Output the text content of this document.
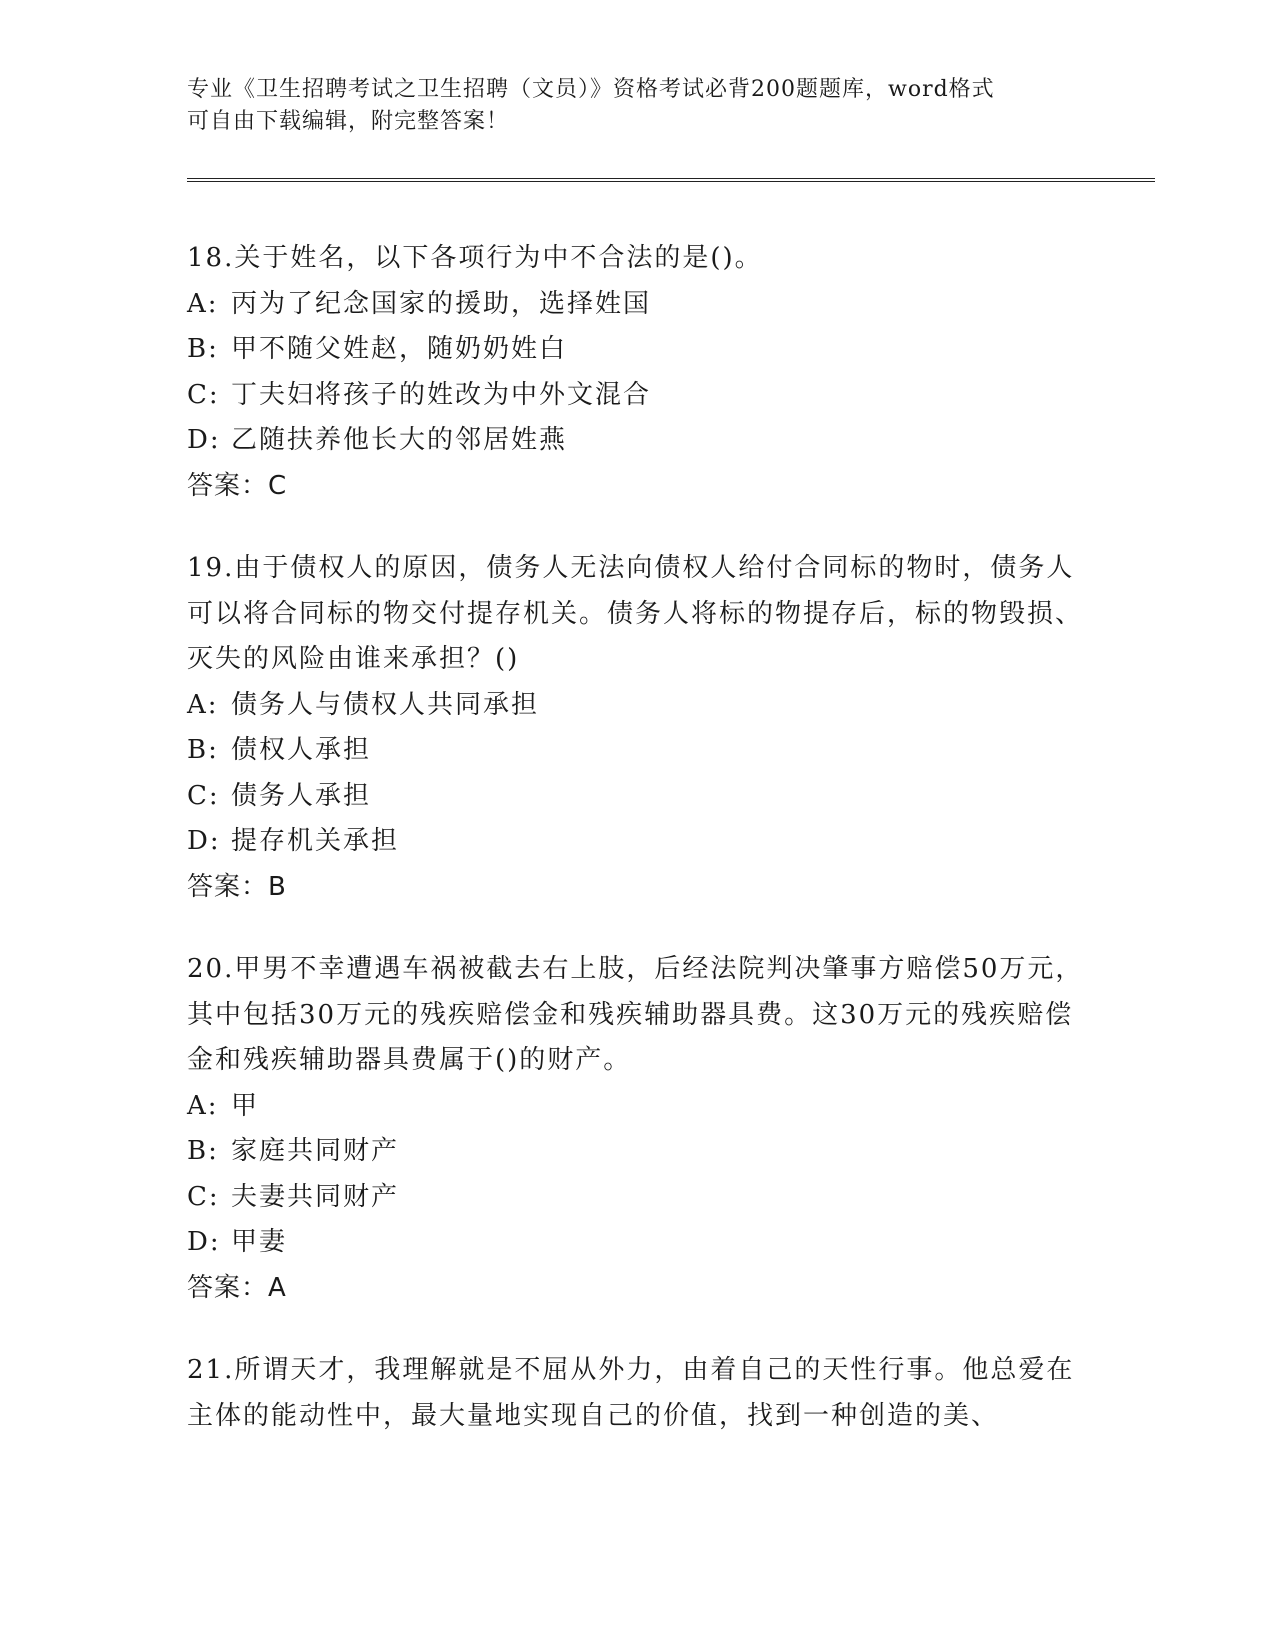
专业《卫生招聘考试之卫生招聘（文员）》资格考试必背200题题库，word格式
可自由下载编辑，附完整答案！
18.关于姓名，以下各项行为中不合法的是()。
A: 丙为了纪念国家的援助，选择姓国
B: 甲不随父姓赵，随奶奶姓白
C: 丁夫妇将孩子的姓改为中外文混合
D: 乙随扶养他长大的邻居姓燕
答案：C
19.由于债权人的原因，债务人无法向债权人给付合同标的物时，债务人可以将合同标的物交付提存机关。债务人将标的物提存后，标的物毁损、灭失的风险由谁来承担？()
A: 债务人与债权人共同承担
B: 债权人承担
C: 债务人承担
D: 提存机关承担
答案：B
20.甲男不幸遭遇车祸被截去右上肢，后经法院判决肇事方赔偿50万元，其中包括30万元的残疾赔偿金和残疾辅助器具费。这30万元的残疾赔偿金和残疾辅助器具费属于()的财产。
A: 甲
B: 家庭共同财产
C: 夫妻共同财产
D: 甲妻
答案：A
21.所谓天才，我理解就是不屈从外力，由着自己的天性行事。他总爱在主体的能动性中，最大量地实现自己的价值，找到一种创造的美、
